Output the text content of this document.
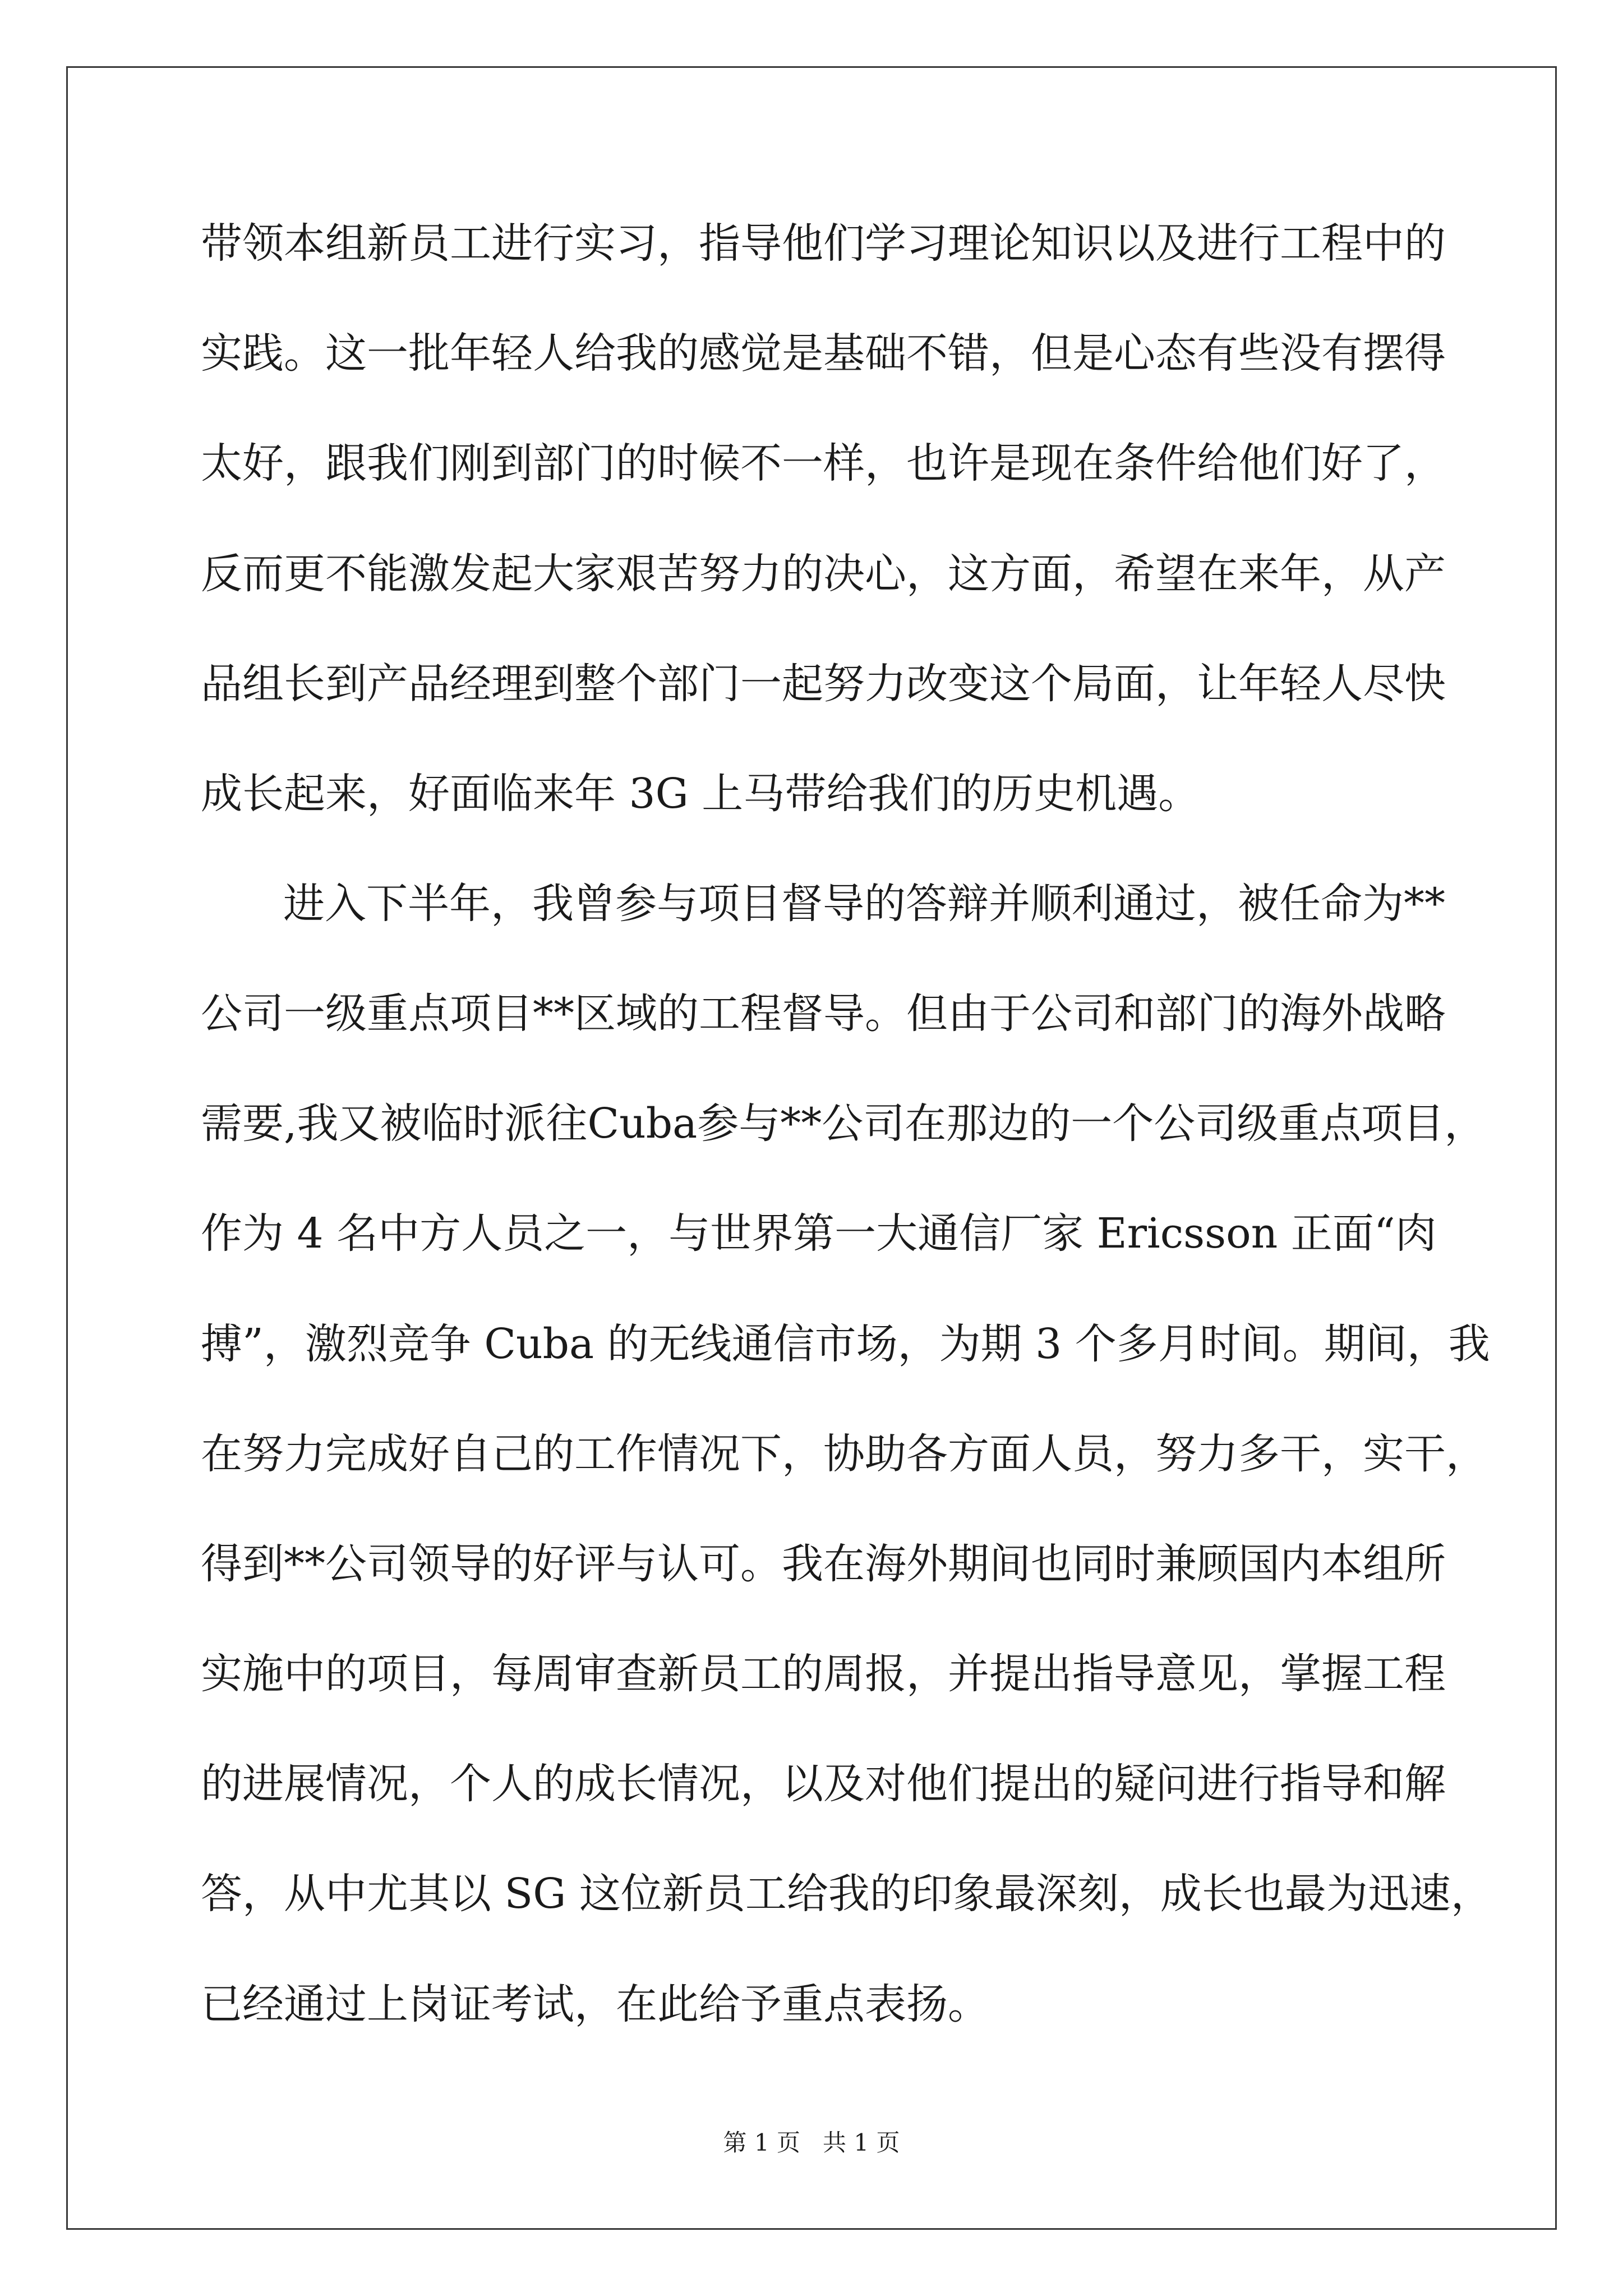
带领本组新员工进行实习，指导他们学习理论知识以及进行工程中的

实践。这一批年轻人给我的感觉是基础不错，但是心态有些没有摆得

太好，跟我们刚到部门的时候不一样，也许是现在条件给他们好了，

反而更不能激发起大家艰苦努力的决心，这方面，希望在来年，从产

品组长到产品经理到整个部门一起努力改变这个局面，让年轻人尽快

成长起来，好面临来年 3G 上马带给我们的历史机遇。

进入下半年，我曾参与项目督导的答辩并顺利通过，被任命为**

公司一级重点项目**区域的工程督导。但由于公司和部门的海外战略

需要,我又被临时派往Cuba参与**公司在那边的一个公司级重点项目，

作为 4 名中方人员之一，与世界第一大通信厂家 Ericsson 正面“肉

搏”，激烈竞争 Cuba 的无线通信市场，为期 3 个多月时间。期间，我

在努力完成好自己的工作情况下，协助各方面人员，努力多干，实干，

得到**公司领导的好评与认可。我在海外期间也同时兼顾国内本组所

实施中的项目，每周审查新员工的周报，并提出指导意见，掌握工程

的进展情况，个人的成长情况，以及对他们提出的疑问进行指导和解

答，从中尤其以 SG 这位新员工给我的印象最深刻，成长也最为迅速，

已经通过上岗证考试，在此给予重点表扬。

第 1 页   共 1 页
